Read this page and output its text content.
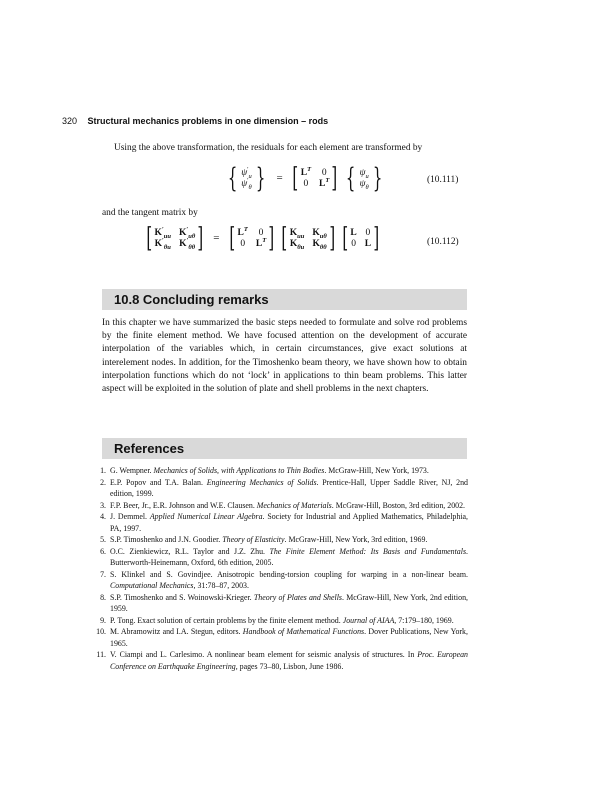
320 Structural mechanics problems in one dimension – rods
Using the above transformation, the residuals for each element are transformed by
{ $\psi'_u$
$\psi'_\theta$ } = [ $L^T$ 0
0 $L^T$ ]
{ $\psi_u$
$\psi_\theta$ }	(10.111)
and the tangent matrix by
[ $K'_{uu}$ $K'_{u\theta}$
$K'_{\theta u}$ $K'_{\theta\theta}$ ] = [ $L^T$ 0
0 $L^T$ ]
[ $K_{uu}$ $K_{u\theta}$
$K_{\theta u}$ $K_{\theta\theta}$ ]
[ L 0
0 L ]	(10.112)
10.8 Concluding remarks
In this chapter we have summarized the basic steps needed to formulate and solve rod problems by the finite element method. We have focused attention on the development of accurate interpolation of the variables which, in certain circumstances, give exact solutions at interelement nodes. In addition, for the Timoshenko beam theory, we have shown how to obtain interpolation functions which do not ‘lock’ in applications to thin beam problems. This latter aspect will be exploited in the solution of plate and shell problems in the next chapters.
References
1. G. Wempner. Mechanics of Solids, with Applications to Thin Bodies. McGraw-Hill, New York, 1973.
2. E.P. Popov and T.A. Balan. Engineering Mechanics of Solids. Prentice-Hall, Upper Saddle River, NJ, 2nd edition, 1999.
3. F.P. Beer, Jr., E.R. Johnson and W.E. Clausen. Mechanics of Materials. McGraw-Hill, Boston, 3rd edition, 2002.
4. J. Demmel. Applied Numerical Linear Algebra. Society for Industrial and Applied Mathematics, Philadelphia, PA, 1997.
5. S.P. Timoshenko and J.N. Goodier. Theory of Elasticity. McGraw-Hill, New York, 3rd edition, 1969.
6. O.C. Zienkiewicz, R.L. Taylor and J.Z. Zhu. The Finite Element Method: Its Basis and Fundamentals. Butterworth-Heinemann, Oxford, 6th edition, 2005.
7. S. Klinkel and S. Govindjee. Anisotropic bending-torsion coupling for warping in a non-linear beam. Computational Mechanics, 31:78–87, 2003.
8. S.P. Timoshenko and S. Woinowski-Krieger. Theory of Plates and Shells. McGraw-Hill, New York, 2nd edition, 1959.
9. P. Tong. Exact solution of certain problems by the finite element method. Journal of AIAA, 7:179–180, 1969.
10. M. Abramowitz and I.A. Stegun, editors. Handbook of Mathematical Functions. Dover Publications, New York, 1965.
11. V. Ciampi and L. Carlesimo. A nonlinear beam element for seismic analysis of structures. In Proc. European Conference on Earthquake Engineering, pages 73–80, Lisbon, June 1986.
